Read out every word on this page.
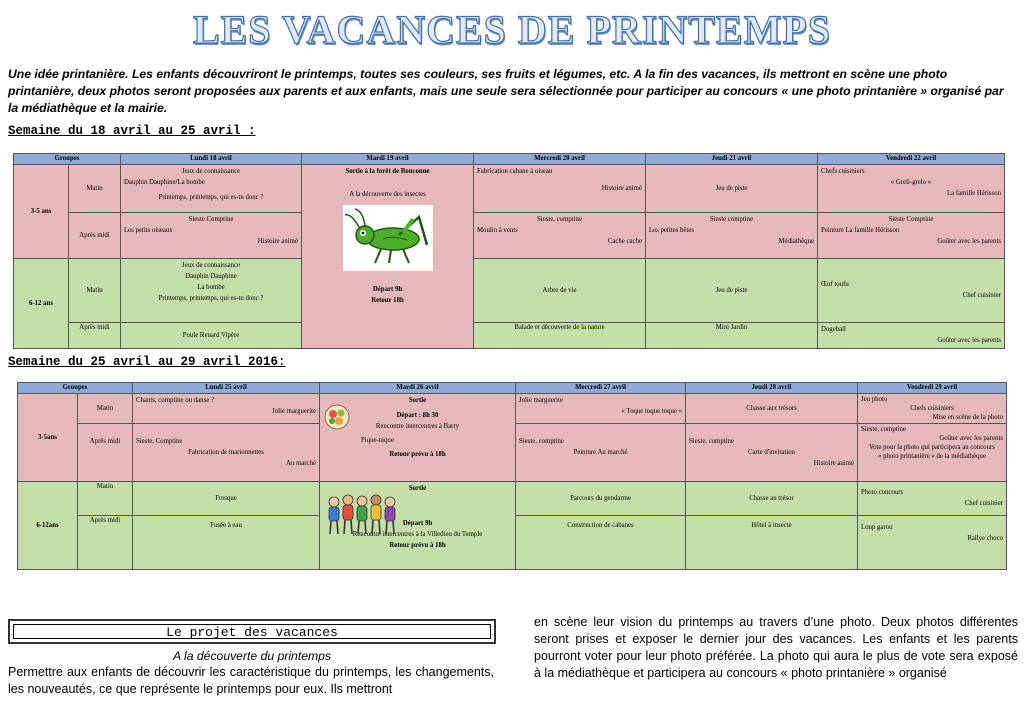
LES VACANCES DE PRINTEMPS
Une idée printanière. Les enfants découvriront le printemps, toutes ses couleurs, ses fruits et légumes, etc. A la fin des vacances, ils mettront en scène une photo printanière, deux photos seront proposées aux parents et aux enfants, mais une seule sera sélectionnée pour participer au concours « une photo printanière » organisé par la médiathèque et la mairie.
Semaine du 18 avril au 25 avril :
Groupes		Lundi 18 avril	Mardi 19 avril	Mercredi 20 avril	Jeudi 21 avril	Vendredi 22 avril
3-5 ans	Matin	Jeux de connaissance
Dauphin Dauphine/La bombe
Printemps, printemps, qui es-tu donc ?	Sortie à la forêt de Bouconne
A la découverte des insectes
Départ 9h
Retour 18h	Fabrication cabane à oiseau
Histoire animé	Jeu de piste	Chefs cuisiniers
« Greli-grelo »
La famille Hérisson

	Après midi	Sieste Comptine
Les petits oiseaux
Histoire animé		Sieste, comptine
Moulin à vents
Cache cache	Sieste comptine
Les petites bêtes
Médiathèque	Sieste Comptine
Peinture La famille Hérisson
Goûter avec les parents

6-12 ans	Matin	Jeux de connaissance
Dauphin Dauphine
La bombe
Printemps, printemps, qui es-tu donc ?		Arbre de vie	Jeu de piste	Œuf toufu
Chef cuisinier

	Après midi	Poule Renard Vipère		Balade et découverte de la nature	Mini Jardin	Dogeball
Goûter avec les parents
Semaine du 25 avril au 29 avril 2016:
Groupes		Lundi 25 avril	Mardi 26 avril	Mercredi 27 avril	Jeudi 28 avril	Vendredi 29 avril
3-5ans	Matin	Chants, comptine ou danse ?
Jolie marguerite	Sortie
Départ : 8h 30
Rencontre intercentres à Barry
Pique-nique
Retour prévu à 18h	Jolie marguerite
« Toque toque toque »	Chasse aux trésors	Jeu photo
Chefs cuisiniers
Mise en scène de la photo

	Après midi	Sieste, Comptine
Fabrication de marionnettes
Au marché		Sieste, comptine
Peinture Au marché	Sieste, comptine
Carte d'invitation
Histoire animé	Sieste, comptine
Goûter avec les parents
Vote pour la photo qui participera au concours
« photo printanière » de la médiathèque

6-12ans	Matin	Fresque	Sortie
Départ 9h
Rencontre intercentres à la Villedieu du Temple
Retour prévu à 18h	Parcours du gendarme	Chasse au trésor	Photo concours
Chef cuisinier

	Après midi	Fusée à eau		Construction de cabanes	Hôtel à insecte	Loup garou
Rallye choco
Le projet des vacances
A la découverte du printemps
Permettre aux enfants de découvrir les caractéristique du printemps, les changements, les nouveautés, ce que représente le printemps pour eux. Ils mettront
en scène leur vision du printemps au travers d’une photo. Deux photos différentes seront prises et exposer le dernier jour des vacances. Les enfants et les parents pourront voter pour leur photo préférée. La photo qui aura le plus de vote sera exposé à la médiathèque et participera au concours « photo printanière » organisé
